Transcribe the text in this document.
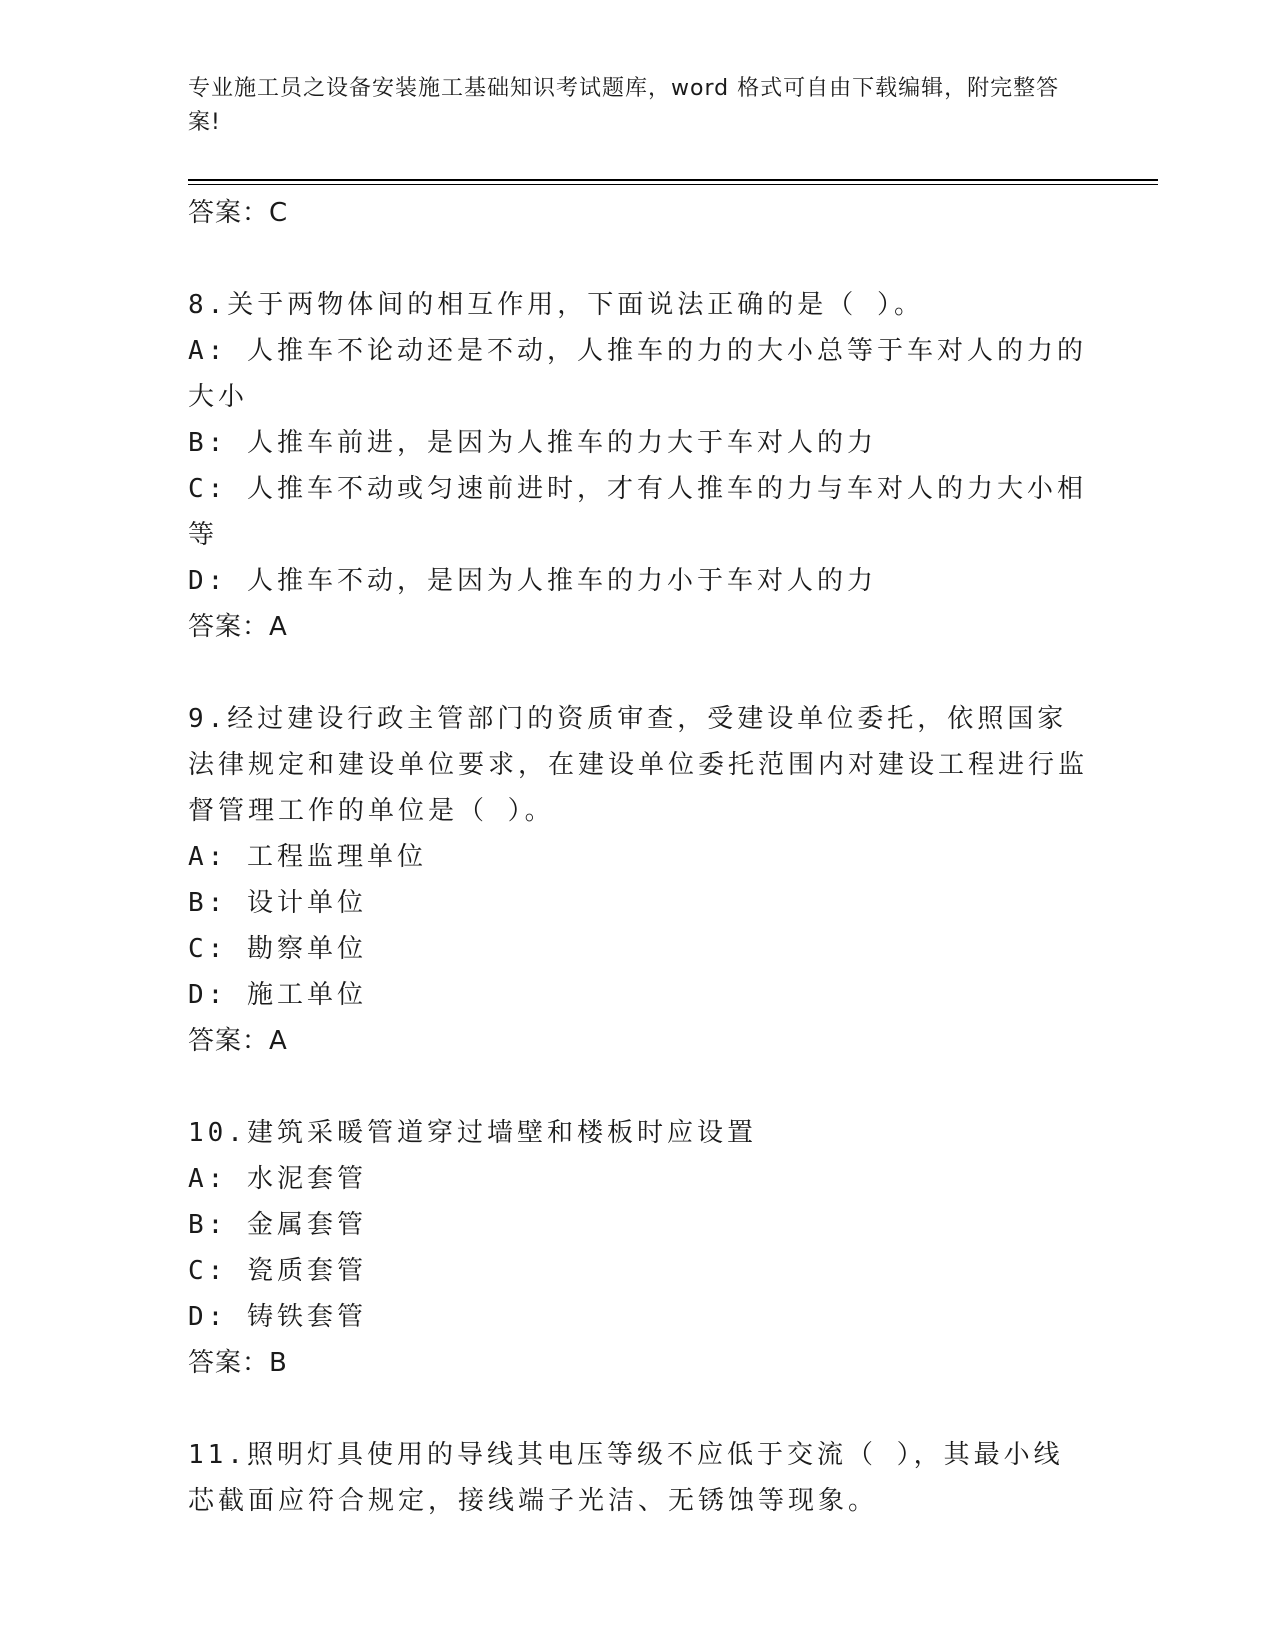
专业施工员之设备安装施工基础知识考试题库，word 格式可自由下载编辑，附完整答案!

答案：C

8.关于两物体间的相互作用，下面说法正确的是（ ）。

A: 人推车不论动还是不动，人推车的力的大小总等于车对人的力的大小

B: 人推车前进，是因为人推车的力大于车对人的力

C: 人推车不动或匀速前进时，才有人推车的力与车对人的力大小相等

D: 人推车不动，是因为人推车的力小于车对人的力

答案：A

9.经过建设行政主管部门的资质审查，受建设单位委托，依照国家法律规定和建设单位要求，在建设单位委托范围内对建设工程进行监督管理工作的单位是（ ）。

A: 工程监理单位

B: 设计单位

C: 勘察单位

D: 施工单位

答案：A

10.建筑采暖管道穿过墙壁和楼板时应设置

A: 水泥套管

B: 金属套管

C: 瓷质套管

D: 铸铁套管

答案：B

11.照明灯具使用的导线其电压等级不应低于交流（ ），其最小线芯截面应符合规定，接线端子光洁、无锈蚀等现象。
